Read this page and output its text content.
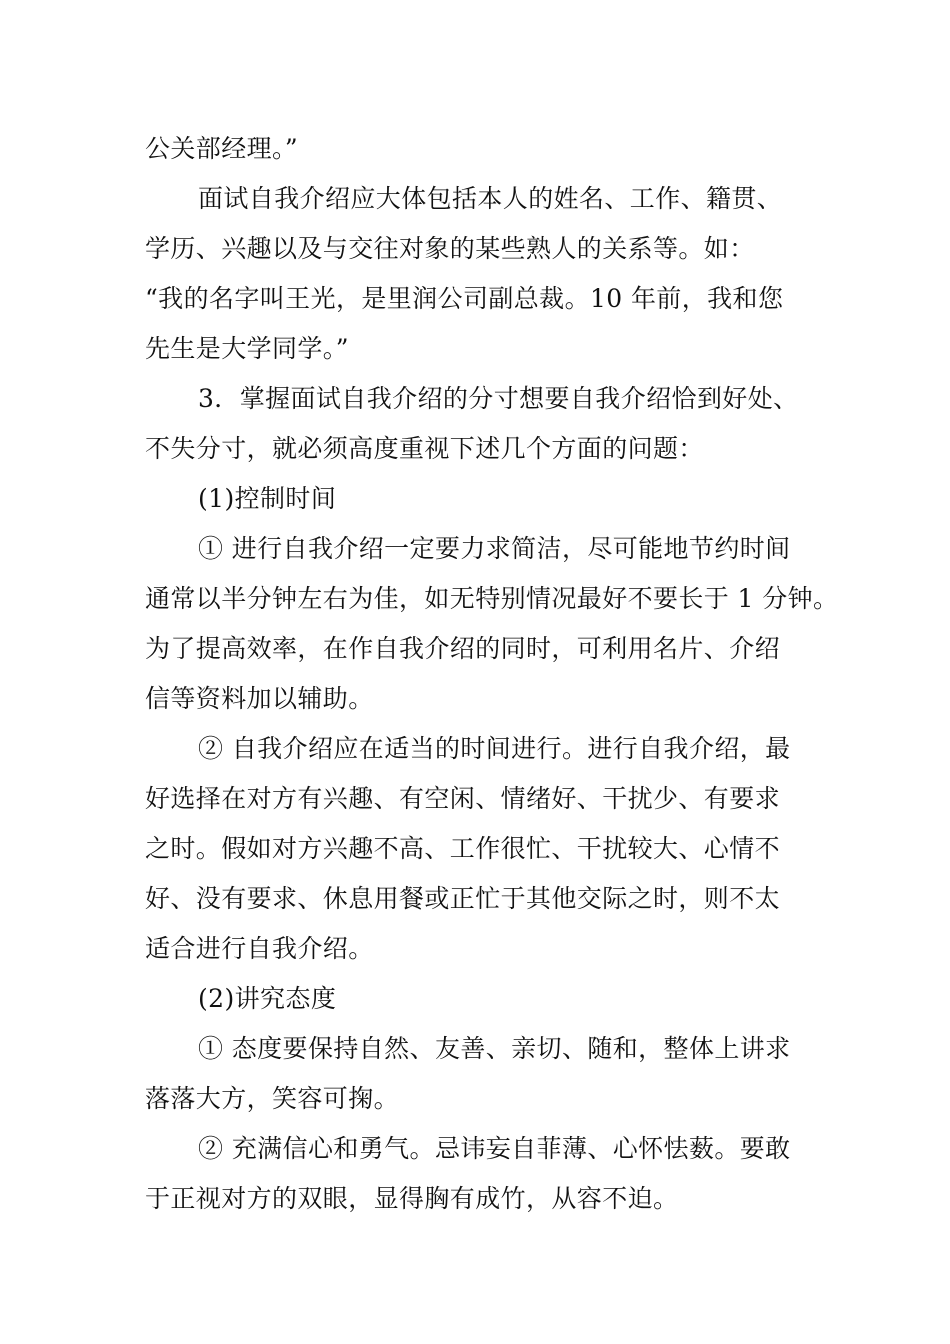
公关部经理。”
面试自我介绍应大体包括本人的姓名、工作、籍贯、
学历、兴趣以及与交往对象的某些熟人的关系等。如：
“我的名字叫王光，是里润公司副总裁。10 年前，我和您
先生是大学同学。”
3．掌握面试自我介绍的分寸想要自我介绍恰到好处、
不失分寸，就必须高度重视下述几个方面的问题：
(1)控制时间
① 进行自我介绍一定要力求简洁，尽可能地节约时间
通常以半分钟左右为佳，如无特别情况最好不要长于 1 分钟。
为了提高效率，在作自我介绍的同时，可利用名片、介绍
信等资料加以辅助。
② 自我介绍应在适当的时间进行。进行自我介绍，最
好选择在对方有兴趣、有空闲、情绪好、干扰少、有要求
之时。假如对方兴趣不高、工作很忙、干扰较大、心情不
好、没有要求、休息用餐或正忙于其他交际之时，则不太
适合进行自我介绍。
(2)讲究态度
① 态度要保持自然、友善、亲切、随和，整体上讲求
落落大方，笑容可掬。
② 充满信心和勇气。忌讳妄自菲薄、心怀怯薮。要敢
于正视对方的双眼，显得胸有成竹，从容不迫。
